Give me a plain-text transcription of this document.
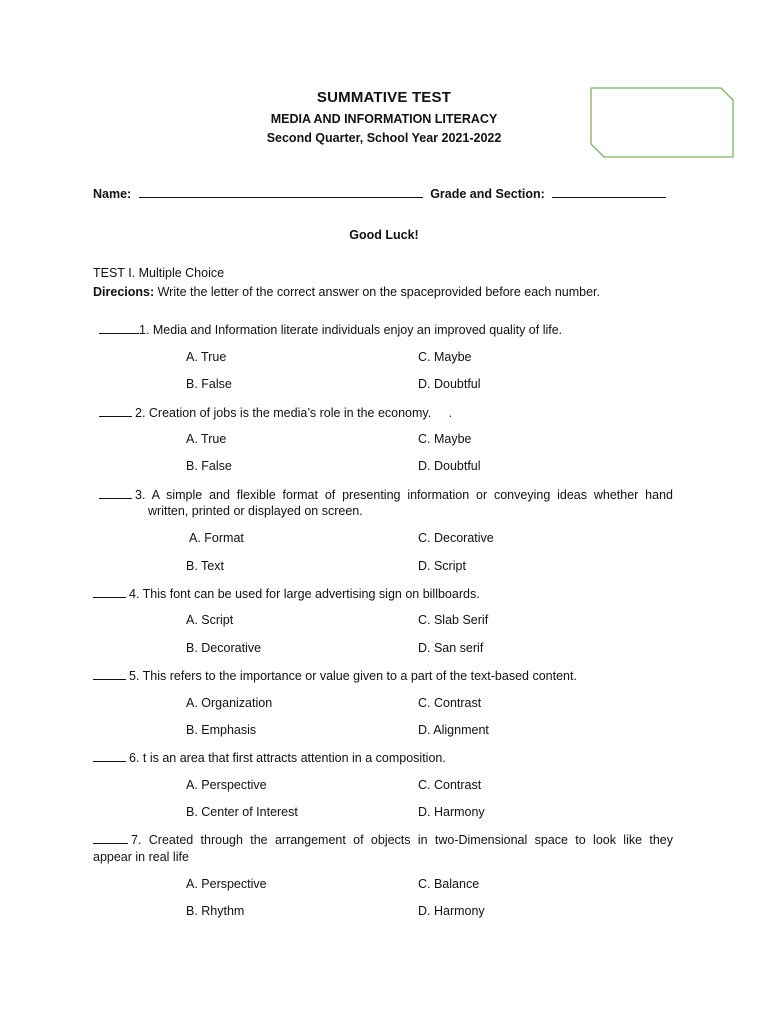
SUMMATIVE TEST
MEDIA AND INFORMATION LITERACY
Second Quarter, School Year 2021-2022
Name:	Grade and Section:
Good Luck!
TEST I. Multiple Choice
Direcions: Write the letter of the correct answer on the spaceprovided before each number.
1. Media and Information literate individuals enjoy an improved quality of life.
A. True	C. Maybe
B. False	D. Doubtful
2. Creation of jobs is the media’s role in the economy.     .
A. True	C. Maybe
B. False	D. Doubtful
3. A simple and flexible format of presenting information or conveying ideas whether hand
written, printed or displayed on screen.
A. Format	C. Decorative
B. Text	D. Script
4. This font can be used for large advertising sign on billboards.
A. Script	C. Slab Serif
B. Decorative	D. San serif
5. This refers to the importance or value given to a part of the text-based content.
A. Organization	C. Contrast
B. Emphasis	D. Alignment
6. t is an area that first attracts attention in a composition.
A. Perspective	C. Contrast
B. Center of Interest	D. Harmony
7. Created through the arrangement of objects in two-Dimensional space to look like they
appear in real life
A. Perspective	C. Balance
B. Rhythm	D. Harmony
